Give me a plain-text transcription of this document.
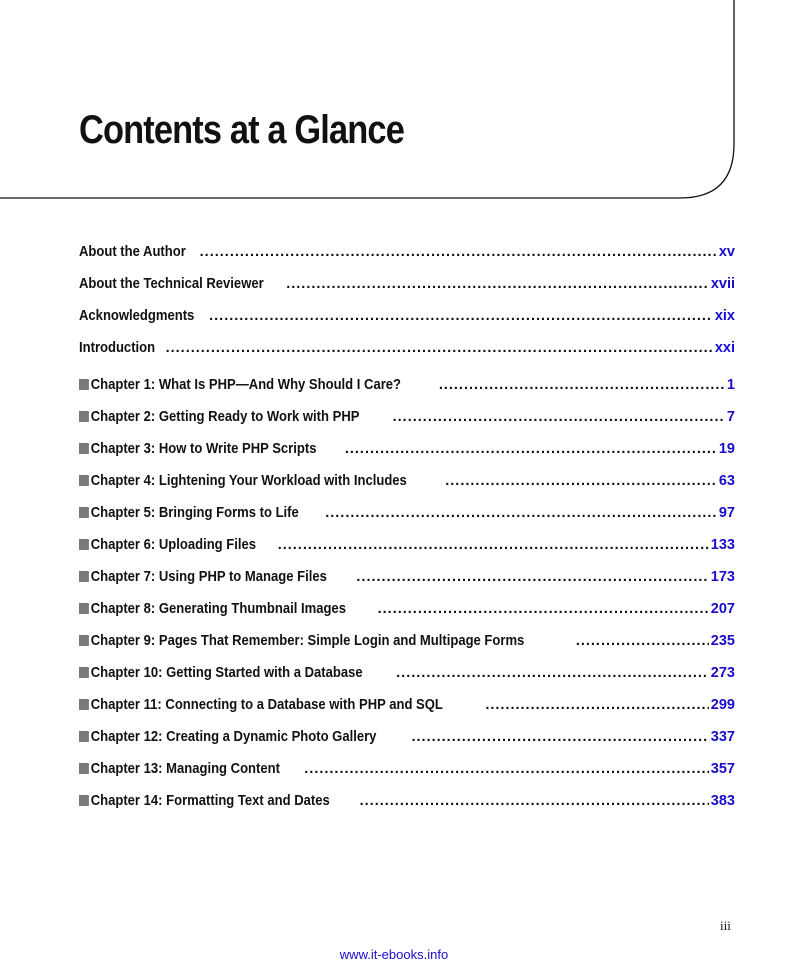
Contents at a Glance
About the Author .....	xv
About the Technical Reviewer .....	xvii
Acknowledgments .....	xix
Introduction .....	xxi
Chapter 1: What Is PHP—And Why Should I Care? .....	1
Chapter 2: Getting Ready to Work with PHP .....	7
Chapter 3: How to Write PHP Scripts .....	19
Chapter 4: Lightening Your Workload with Includes .....	63
Chapter 5: Bringing Forms to Life .....	97
Chapter 6: Uploading Files .....	133
Chapter 7: Using PHP to Manage Files .....	173
Chapter 8: Generating Thumbnail Images .....	207
Chapter 9: Pages That Remember: Simple Login and Multipage Forms .....	235
Chapter 10: Getting Started with a Database .....	273
Chapter 11: Connecting to a Database with PHP and SQL .....	299
Chapter 12: Creating a Dynamic Photo Gallery .....	337
Chapter 13: Managing Content .....	357
Chapter 14: Formatting Text and Dates .....	383
iii
www.it-ebooks.info
